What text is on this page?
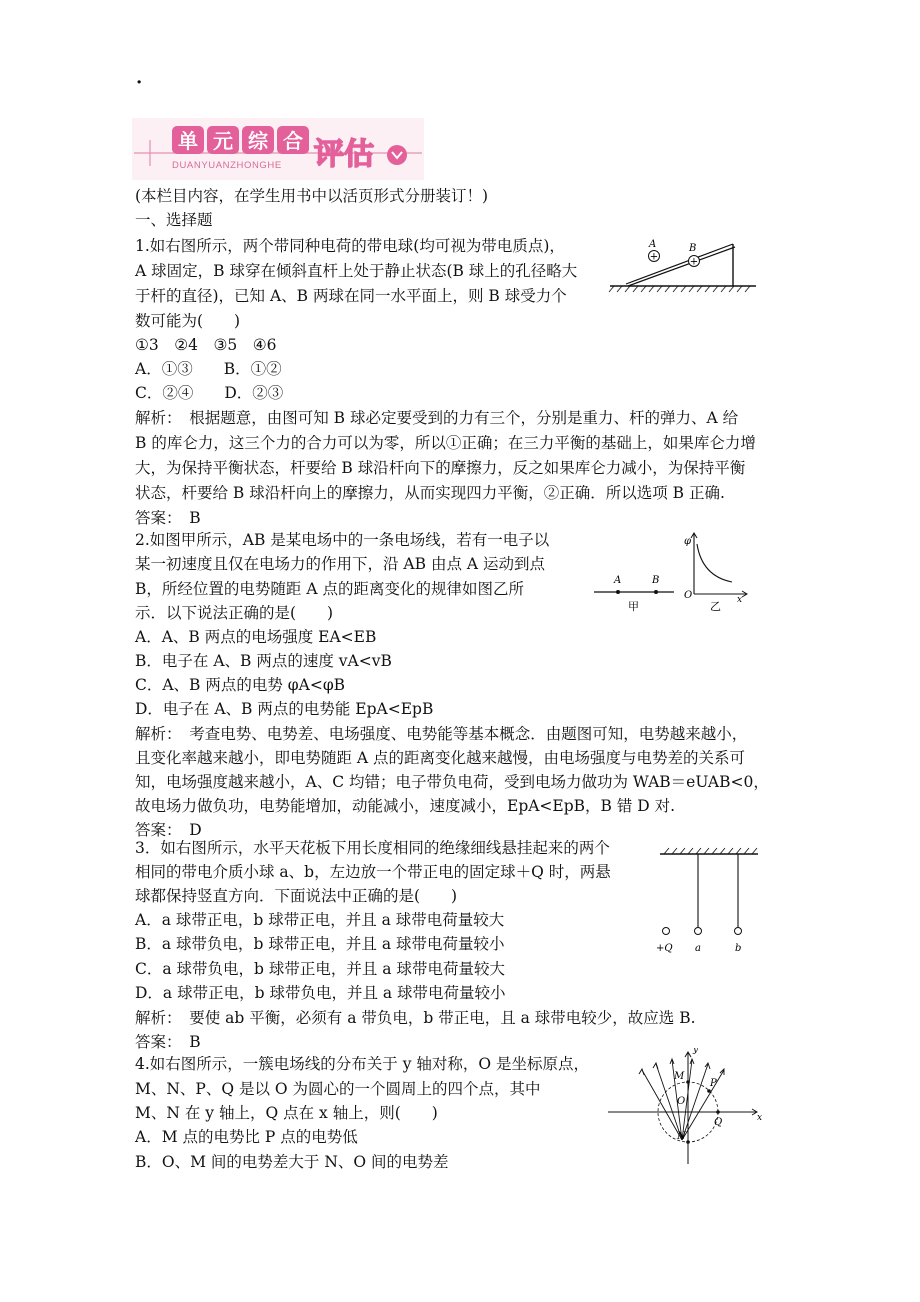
·
单 元 综 合
DUANYUANZHONGHE 评估
(本栏目内容，在学生用书中以活页形式分册装订！)
一、选择题
1.如右图所示，两个带同种电荷的带电球(均可视为带电质点)，
A 球固定，B 球穿在倾斜直杆上处于静止状态(B 球上的孔径略大
于杆的直径)，已知 A、B 两球在同一水平面上，则 B 球受力个
数可能为(　　)
①3　②4　③5　④6
A．①③　　B．①②
C．②④　　D．②③
解析：　根据题意，由图可知 B 球必定要受到的力有三个，分别是重力、杆的弹力、A 给
B 的库仑力，这三个力的合力可以为零，所以①正确；在三力平衡的基础上，如果库仑力增
大，为保持平衡状态，杆要给 B 球沿杆向下的摩擦力，反之如果库仑力减小，为保持平衡
状态，杆要给 B 球沿杆向上的摩擦力，从而实现四力平衡，②正确．所以选项 B 正确.
答案：　B
+	+
A	B
2.如图甲所示，AB 是某电场中的一条电场线，若有一电子以
某一初速度且仅在电场力的作用下，沿 AB 由点 A 运动到点
B，所经位置的电势随距 A 点的距离变化的规律如图乙所
示．以下说法正确的是(　　)
A．A、B 两点的电场强度 EA<EB
B．电子在 A、B 两点的速度 vA<vB
C．A、B 两点的电势 φA<φB
D．电子在 A、B 两点的电势能 EpA<EpB
解析：　考查电势、电势差、电场强度、电势能等基本概念．由题图可知，电势越来越小，
且变化率越来越小，即电势随距 A 点的距离变化越来越慢，由电场强度与电势差的关系可
知，电场强度越来越小，A、C 均错；电子带负电荷，受到电场力做功为 WAB＝eUAB<0，
故电场力做负功，电势能增加，动能减小，速度减小，EpA<EpB，B 错 D 对.
答案：　D
A	B
甲
φ
O	x
乙
3．如右图所示，水平天花板下用长度相同的绝缘细线悬挂起来的两个
相同的带电介质小球 a、b，左边放一个带正电的固定球＋Q 时，两悬
球都保持竖直方向．下面说法中正确的是(　　)
A．a 球带正电，b 球带正电，并且 a 球带电荷量较大
B．a 球带负电，b 球带正电，并且 a 球带电荷量较小
C．a 球带负电，b 球带正电，并且 a 球带电荷量较大
D．a 球带正电，b 球带负电，并且 a 球带电荷量较小
解析：　要使 ab 平衡，必须有 a 带负电，b 带正电，且 a 球带电较少，故应选 B.
答案：　B
+Q a	b
4.如右图所示，一簇电场线的分布关于 y 轴对称，O 是坐标原点，
M、N、P、Q 是以 O 为圆心的一个圆周上的四个点，其中
M、N 在 y 轴上，Q 点在 x 轴上，则(　　)
A．M 点的电势比 P 点的电势低
B．O、M 间的电势差大于 N、O 间的电势差
y
x
M
P
O
Q
N
